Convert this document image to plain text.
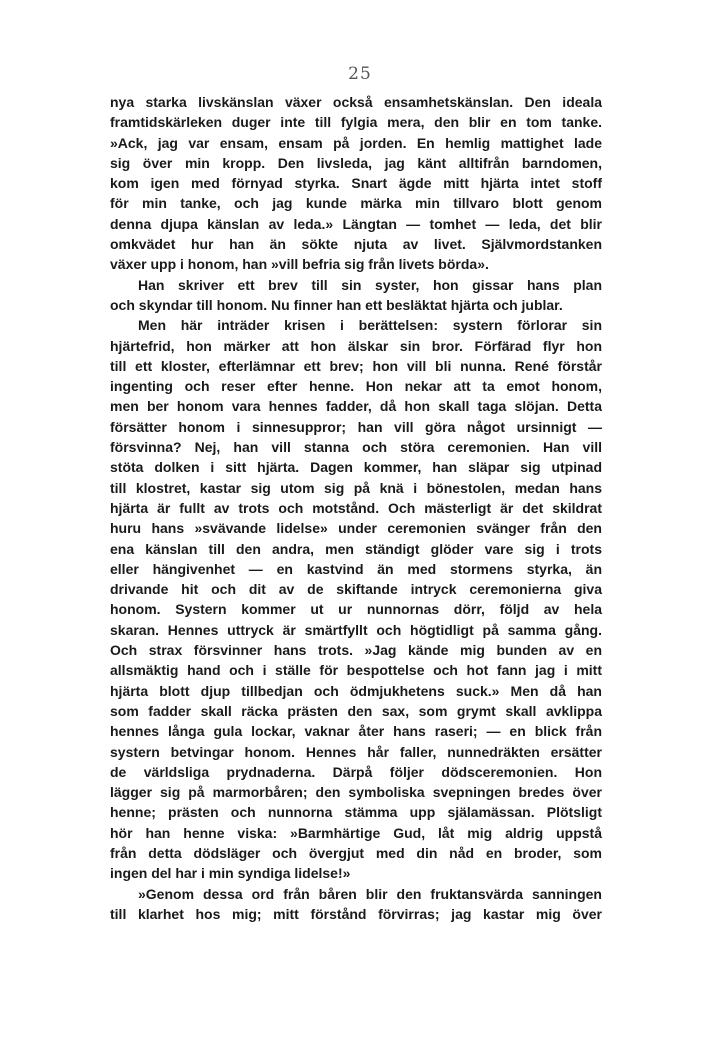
25
nya starka livskänslan växer också ensamhetskänslan. Den ideala
framtidskärleken duger inte till fylgia mera, den blir en tom tanke.
»Ack, jag var ensam, ensam på jorden. En hemlig mattighet lade
sig över min kropp. Den livsleda, jag känt alltifrån barndomen,
kom igen med förnyad styrka. Snart ägde mitt hjärta intet stoff
för min tanke, och jag kunde märka min tillvaro blott genom
denna djupa känslan av leda.» Längtan — tomhet — leda, det blir
omkvädet hur han än sökte njuta av livet. Självmordstanken
växer upp i honom, han »vill befria sig från livets börda».
Han skriver ett brev till sin syster, hon gissar hans plan
och skyndar till honom. Nu finner han ett besläktat hjärta och jublar.
Men här inträder krisen i berättelsen: systern förlorar sin
hjärtefrid, hon märker att hon älskar sin bror. Förfärad flyr hon
till ett kloster, efterlämnar ett brev; hon vill bli nunna. René förstår
ingenting och reser efter henne. Hon nekar att ta emot honom,
men ber honom vara hennes fadder, då hon skall taga slöjan. Detta
försätter honom i sinnesuppror; han vill göra något ursinnigt —
försvinna? Nej, han vill stanna och störa ceremonien. Han vill
stöta dolken i sitt hjärta. Dagen kommer, han släpar sig utpinad
till klostret, kastar sig utom sig på knä i bönestolen, medan hans
hjärta är fullt av trots och motstånd. Och mästerligt är det skildrat
huru hans »svävande lidelse» under ceremonien svänger från den
ena känslan till den andra, men ständigt glöder vare sig i trots
eller hängivenhet — en kastvind än med stormens styrka, än
drivande hit och dit av de skiftande intryck ceremonierna giva
honom. Systern kommer ut ur nunnornas dörr, följd av hela
skaran. Hennes uttryck är smärtfyllt och högtidligt på samma gång.
Och strax försvinner hans trots. »Jag kände mig bunden av en
allsmäktig hand och i ställe för bespottelse och hot fann jag i mitt
hjärta blott djup tillbedjan och ödmjukhetens suck.» Men då han
som fadder skall räcka prästen den sax, som grymt skall avklippa
hennes långa gula lockar, vaknar åter hans raseri; — en blick från
systern betvingar honom. Hennes hår faller, nunnedräkten ersätter
de världsliga prydnaderna. Därpå följer dödsceremonien. Hon
lägger sig på marmorbåren; den symboliska svepningen bredes över
henne; prästen och nunnorna stämma upp själamässan. Plötsligt
hör han henne viska: »Barmhärtige Gud, låt mig aldrig uppstå
från detta dödsläger och övergjut med din nåd en broder, som
ingen del har i min syndiga lidelse!»
»Genom dessa ord från båren blir den fruktansvärda sanningen
till klarhet hos mig; mitt förstånd förvirras; jag kastar mig över
